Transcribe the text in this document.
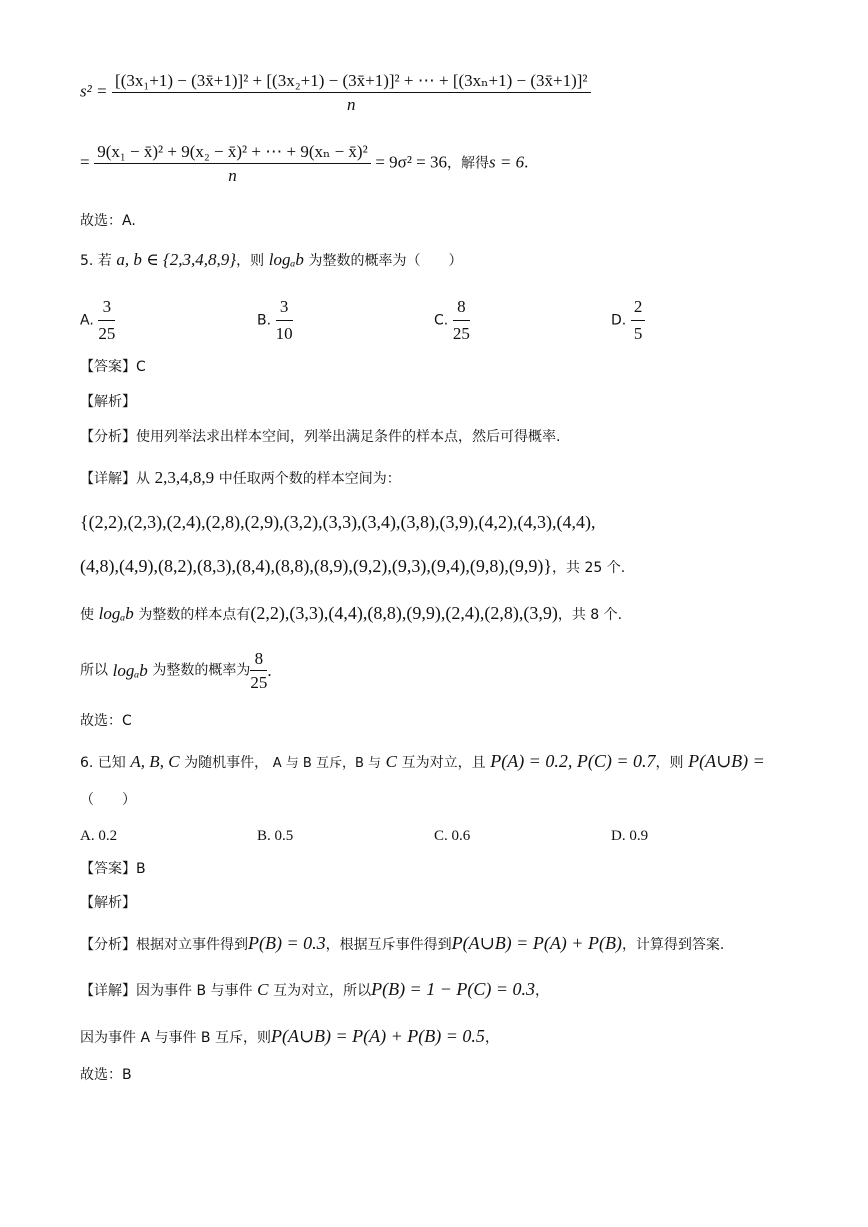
s² =
[(3x₁+1) − (3x̄+1)]² + [(3x₂+1) − (3x̄+1)]² + ⋯ + [(3xₙ+1) − (3x̄+1)]²
n
= $\frac{\text{9(x₁ − x̄)² + 9(x₂ − x̄)² + ⋯ + 9(xₙ − x̄)²}}{n} = 9\sigma^2 = 36$，解得s = 6.
故选：A.
5. 若 a, b ∈ {2,3,4,8,9}，则 logₐb 为整数的概率为（　　）
A. $\frac{3}{25}$	B. $\frac{3}{10}$	C. $\frac{8}{25}$	D. $\frac{2}{5}$
【答案】C
【解析】
【分析】使用列举法求出样本空间，列举出满足条件的样本点，然后可得概率.
【详解】从 2,3,4,8,9 中任取两个数的样本空间为：
{(2,2),(2,3),(2,4),(2,8),(2,9),(3,2),(3,3),(3,4),(3,8),(3,9),(4,2),(4,3),(4,4),
(4,8),(4,9),(8,2),(8,3),(8,4),(8,8),(8,9),(9,2),(9,3),(9,4),(9,8),(9,9)}，共 25 个.
使 logₐb 为整数的样本点有(2,2),(3,3),(4,4),(8,8),(9,9),(2,4),(2,8),(3,9)，共 8 个.
所以 logₐb 为整数的概率为 $\frac{8}{25}$ .
故选：C
6. 已知 A, B, C 为随机事件， A 与 B 互斥，B 与 C 互为对立，且 P(A) = 0.2, P(C) = 0.7，则 P(A∪B) =
（　　）
A. 0.2	B. 0.5	C. 0.6	D. 0.9
【答案】B
【解析】
【分析】根据对立事件得到P(B) = 0.3，根据互斥事件得到P(A∪B) = P(A) + P(B)，计算得到答案.
【详解】因为事件 B 与事件 C 互为对立，所以P(B) = 1 − P(C) = 0.3，
因为事件 A 与事件 B 互斥，则P(A∪B) = P(A) + P(B) = 0.5，
故选：B
